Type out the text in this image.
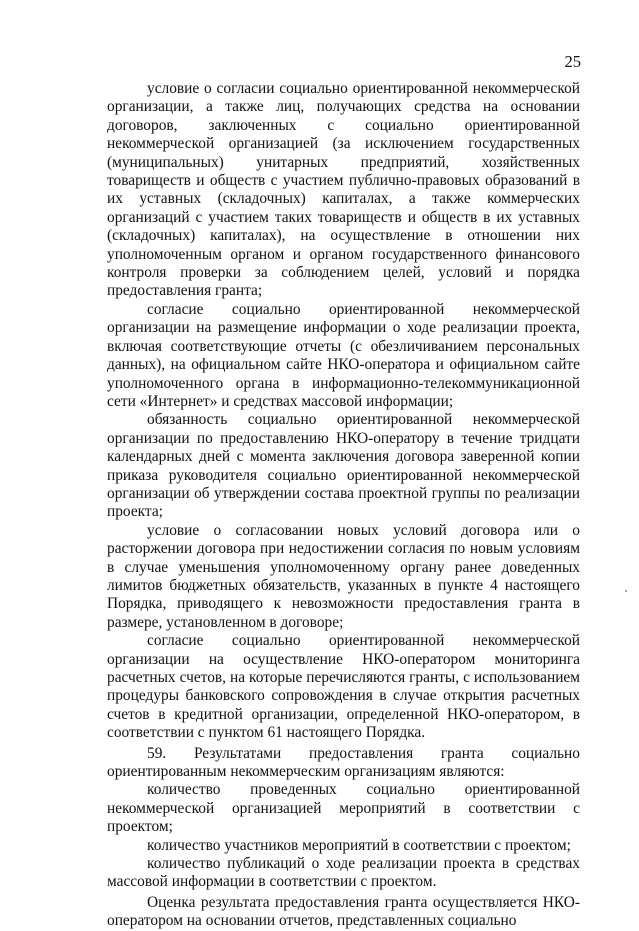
25

условие о согласии социально ориентированной некоммерческой организации, а также лиц, получающих средства на основании договоров, заключенных с социально ориентированной некоммерческой организацией (за исключением государственных (муниципальных) унитарных предприятий, хозяйственных товариществ и обществ с участием публично-правовых образований в их уставных (складочных) капиталах, а также коммерческих организаций с участием таких товариществ и обществ в их уставных (складочных) капиталах), на осуществление в отношении них уполномоченным органом и органом государственного финансового контроля проверки за соблюдением целей, условий и порядка предоставления гранта;

согласие социально ориентированной некоммерческой организации на размещение информации о ходе реализации проекта, включая соответствующие отчеты (с обезличиванием персональных данных), на официальном сайте НКО-оператора и официальном сайте уполномоченного органа в информационно-телекоммуникационной сети «Интернет» и средствах массовой информации;

обязанность социально ориентированной некоммерческой организации по предоставлению НКО-оператору в течение тридцати календарных дней с момента заключения договора заверенной копии приказа руководителя социально ориентированной некоммерческой организации об утверждении состава проектной группы по реализации проекта;

условие о согласовании новых условий договора или о расторжении договора при недостижении согласия по новым условиям в случае уменьшения уполномоченному органу ранее доведенных лимитов бюджетных обязательств, указанных в пункте 4 настоящего Порядка, приводящего к невозможности предоставления гранта в размере, установленном в договоре;

согласие социально ориентированной некоммерческой организации на осуществление НКО-оператором мониторинга расчетных счетов, на которые перечисляются гранты, с использованием процедуры банковского сопровождения в случае открытия расчетных счетов в кредитной организации, определенной НКО-оператором, в соответствии с пунктом 61 настоящего Порядка.

59. Результатами предоставления гранта социально ориентированным некоммерческим организациям являются:

количество проведенных социально ориентированной некоммерческой организацией мероприятий в соответствии с проектом;

количество участников мероприятий в соответствии с проектом;

количество публикаций о ходе реализации проекта в средствах массовой информации в соответствии с проектом.

Оценка результата предоставления гранта осуществляется НКО-оператором на основании отчетов, представленных социально
